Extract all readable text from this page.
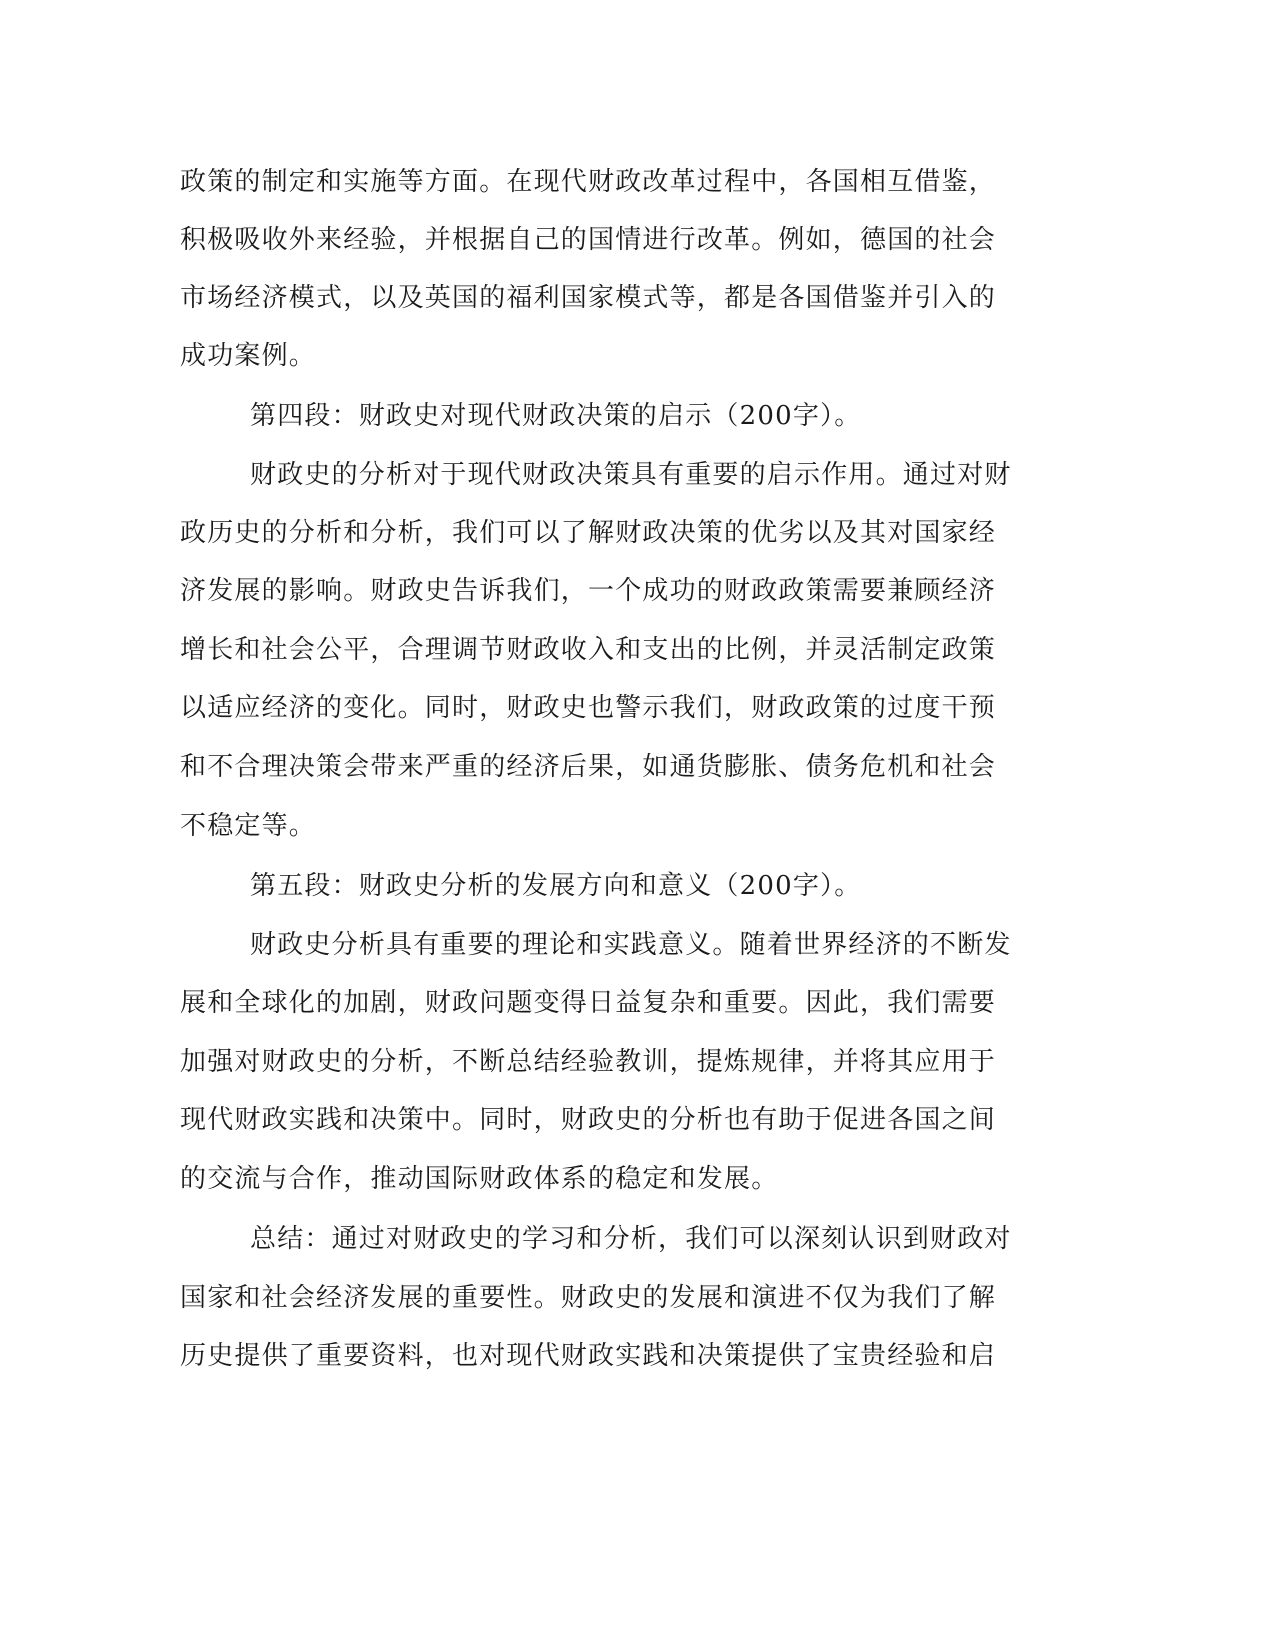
政策的制定和实施等方面。在现代财政改革过程中，各国相互借鉴，
积极吸收外来经验，并根据自己的国情进行改革。例如，德国的社会
市场经济模式，以及英国的福利国家模式等，都是各国借鉴并引入的
成功案例。
第四段：财政史对现代财政决策的启示（200字）。
财政史的分析对于现代财政决策具有重要的启示作用。通过对财
政历史的分析和分析，我们可以了解财政决策的优劣以及其对国家经
济发展的影响。财政史告诉我们，一个成功的财政政策需要兼顾经济
增长和社会公平，合理调节财政收入和支出的比例，并灵活制定政策
以适应经济的变化。同时，财政史也警示我们，财政政策的过度干预
和不合理决策会带来严重的经济后果，如通货膨胀、债务危机和社会
不稳定等。
第五段：财政史分析的发展方向和意义（200字）。
财政史分析具有重要的理论和实践意义。随着世界经济的不断发
展和全球化的加剧，财政问题变得日益复杂和重要。因此，我们需要
加强对财政史的分析，不断总结经验教训，提炼规律，并将其应用于
现代财政实践和决策中。同时，财政史的分析也有助于促进各国之间
的交流与合作，推动国际财政体系的稳定和发展。
总结：通过对财政史的学习和分析，我们可以深刻认识到财政对
国家和社会经济发展的重要性。财政史的发展和演进不仅为我们了解
历史提供了重要资料，也对现代财政实践和决策提供了宝贵经验和启
